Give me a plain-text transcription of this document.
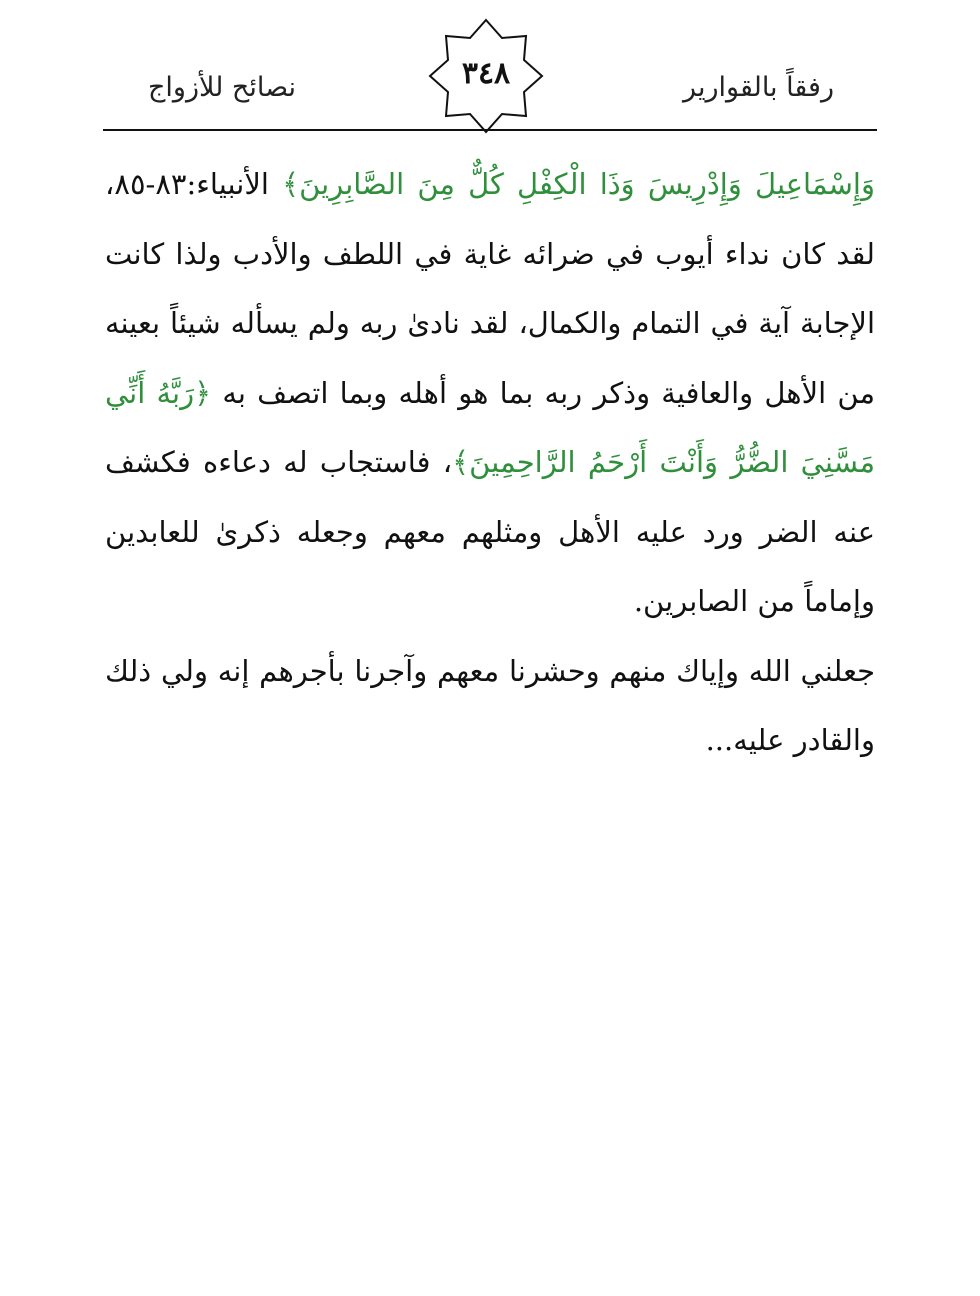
رفقاً بالقوارير
٣٤٨
نصائح للأزواج

وَإِسْمَاعِيلَ وَإِدْرِيسَ وَذَا الْكِفْلِ كُلٌّ مِنَ الصَّابِرِينَ﴾ الأنبياء:٨٣-٨٥، لقد كان نداء أيوب في ضرائه غاية في اللطف والأدب ولذا كانت الإجابة آية في التمام والكمال، لقد نادىٰ ربه ولم يسأله شيئاً بعينه من الأهل والعافية وذكر ربه بما هو أهله وبما اتصف به ﴿رَبَّهُ أَنِّي مَسَّنِيَ الضُّرُّ وَأَنْتَ أَرْحَمُ الرَّاحِمِينَ﴾، فاستجاب له دعاءه فكشف عنه الضر ورد عليه الأهل ومثلهم معهم وجعله ذكرىٰ للعابدين وإماماً من الصابرين.

جعلني الله وإياك منهم وحشرنا معهم وآجرنا بأجرهم إنه ولي ذلك والقادر عليه...
